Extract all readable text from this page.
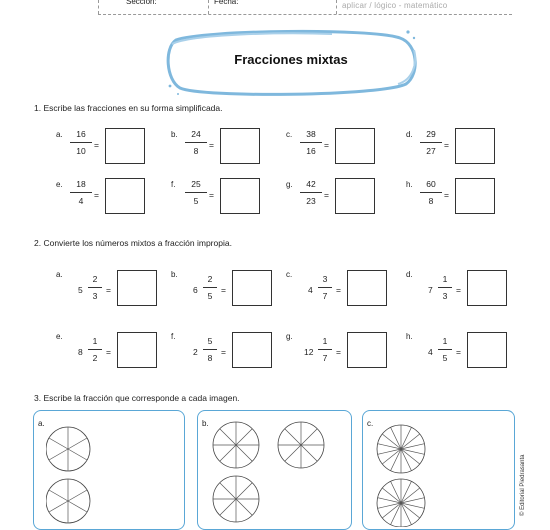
Sección:	Fecha:	aplicar / lógico - matemático
Fracciones mixtas
1. Escribe las fracciones en su forma simplificada.
a.	16
10
=
b.	24
8
=
c.	38
16
=
d.	29
27
=
e.	18
4
=
f.	25
5
=
g.	42
23
=
h.	60
8
=
2. Convierte los números mixtos a fracción impropia.
a.
5
2
3
=
b.
6
2
5
=
c.
4
3
7
=
d.
7
1
3
=
e.
8
1
2
=
f.
2
5
8
=
g.
12
1
7
=
h.
4
1
5
=
3. Escribe la fracción que corresponde a cada imagen.
a.	b.	c.
© Editorial Piedrasanta
